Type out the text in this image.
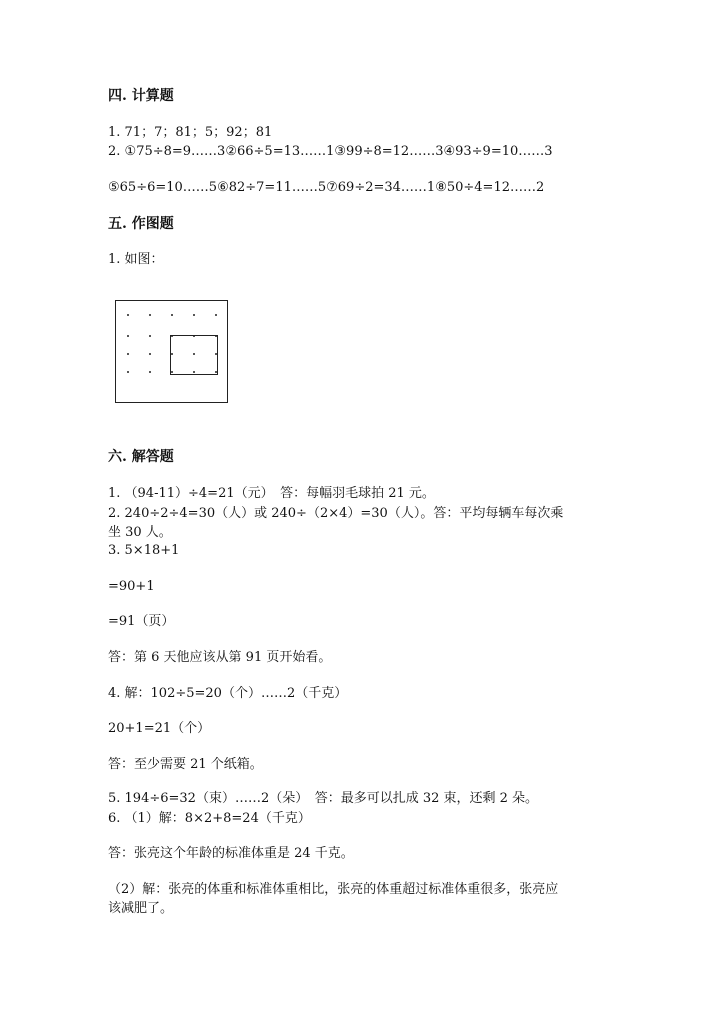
四. 计算题
1. 71；7；81；5；92；81
2. ①75÷8=9……3②66÷5=13……1③99÷8=12……3④93÷9=10……3
⑤65÷6=10……5⑥82÷7=11……5⑦69÷2=34……1⑧50÷4=12……2
五. 作图题
1. 如图：
六. 解答题
1. （94-11）÷4=21（元）　答：每幅羽毛球拍 21 元。
2. 240÷2÷4=30（人）或 240÷（2×4）=30（人）。答：平均每辆车每次乘
坐 30 人。
3. 5×18+1
=90+1
=91（页）
答：第 6 天他应该从第 91 页开始看。
4. 解：102÷5=20（个）……2（千克）
20+1=21（个）
答：至少需要 21 个纸箱。
5. 194÷6=32（束）……2（朵）　答：最多可以扎成 32 束，还剩 2 朵。
6. （1）解：8×2+8=24（千克）
答：张亮这个年龄的标准体重是 24 千克。
（2）解：张亮的体重和标准体重相比，张亮的体重超过标准体重很多，张亮应
该减肥了。
